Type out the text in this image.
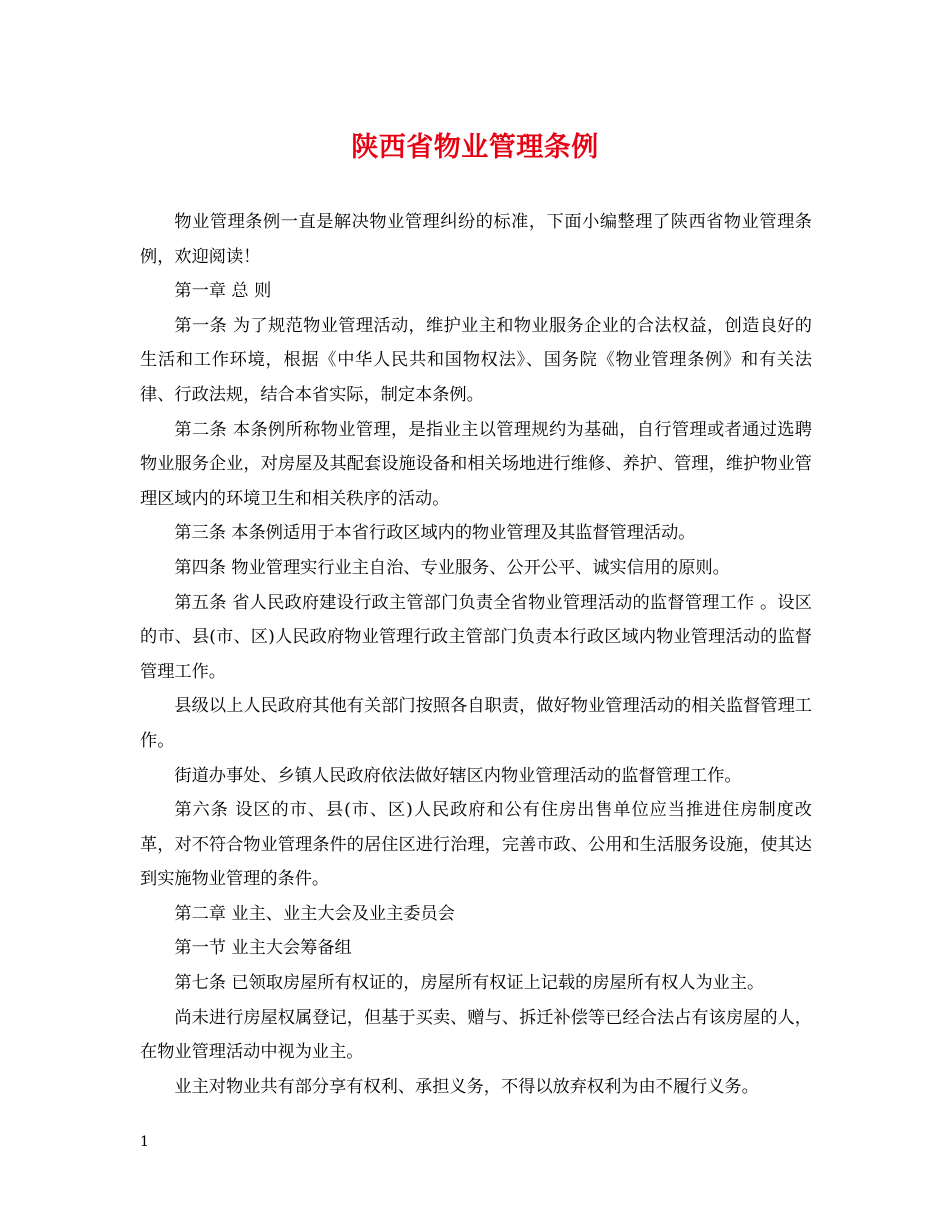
陕西省物业管理条例

物业管理条例一直是解决物业管理纠纷的标准，下面小编整理了陕西省物业管理条例，欢迎阅读！

第一章 总 则

第一条 为了规范物业管理活动，维护业主和物业服务企业的合法权益，创造良好的生活和工作环境，根据《中华人民共和国物权法》、国务院《物业管理条例》和有关法律、行政法规，结合本省实际，制定本条例。

第二条 本条例所称物业管理，是指业主以管理规约为基础，自行管理或者通过选聘物业服务企业，对房屋及其配套设施设备和相关场地进行维修、养护、管理，维护物业管理区域内的环境卫生和相关秩序的活动。

第三条 本条例适用于本省行政区域内的物业管理及其监督管理活动。

第四条 物业管理实行业主自治、专业服务、公开公平、诚实信用的原则。

第五条 省人民政府建设行政主管部门负责全省物业管理活动的监督管理工作 。设区的市、县(市、区)人民政府物业管理行政主管部门负责本行政区域内物业管理活动的监督管理工作。

县级以上人民政府其他有关部门按照各自职责，做好物业管理活动的相关监督管理工作。

街道办事处、乡镇人民政府依法做好辖区内物业管理活动的监督管理工作。

第六条 设区的市、县(市、区)人民政府和公有住房出售单位应当推进住房制度改革，对不符合物业管理条件的居住区进行治理，完善市政、公用和生活服务设施，使其达到实施物业管理的条件。

第二章 业主、业主大会及业主委员会

第一节 业主大会筹备组

第七条 已领取房屋所有权证的，房屋所有权证上记载的房屋所有权人为业主。

尚未进行房屋权属登记，但基于买卖、赠与、拆迁补偿等已经合法占有该房屋的人，在物业管理活动中视为业主。

业主对物业共有部分享有权利、承担义务，不得以放弃权利为由不履行义务。

1
